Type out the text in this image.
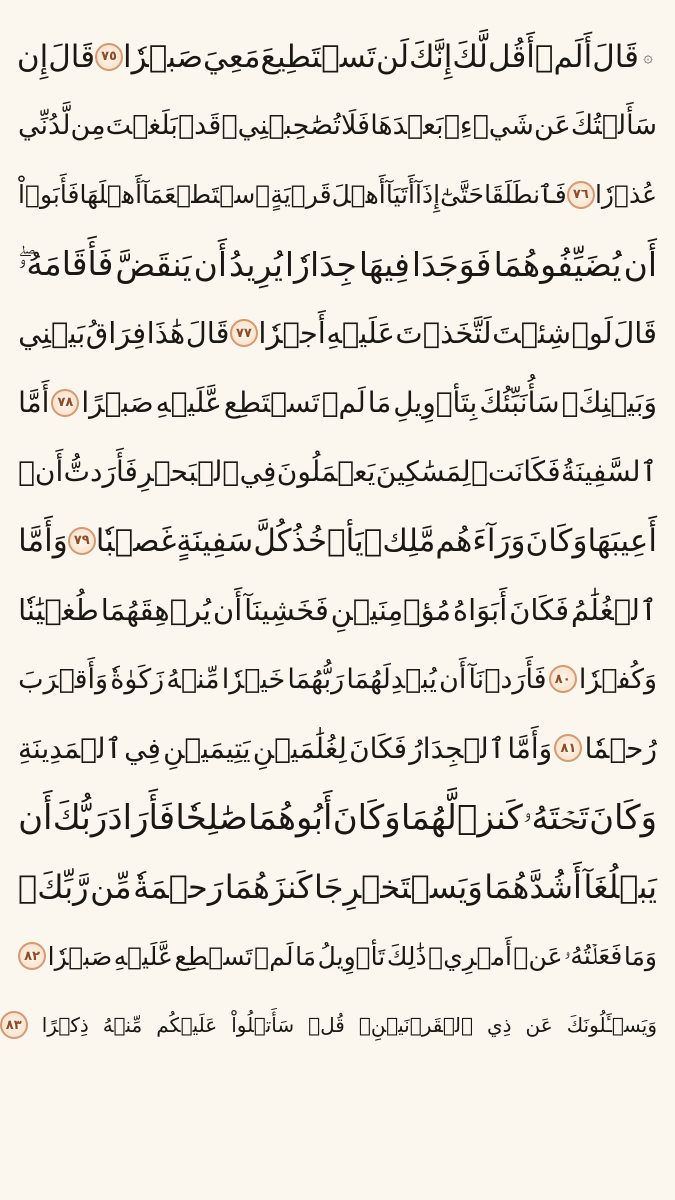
۞
قَالَ
أَلَمۡ
أَقُل
لَّكَ
إِنَّكَ
لَن
تَسۡتَطِيعَ
مَعِيَ
صَبۡرٗا
٧٥
قَالَ
إِن
سَأَلۡتُكَ
عَن
شَيۡءِۭ
بَعۡدَهَا
فَلَا
تُصَٰحِبۡنِيۖ
قَدۡ
بَلَغۡتَ
مِن
لَّدُنِّي
عُذۡرٗا
٧٦
فَٱنطَلَقَا
حَتَّىٰٓ
إِذَآ
أَتَيَآ
أَهۡلَ
قَرۡيَةٍ
ٱسۡتَطۡعَمَآ
أَهۡلَهَا
فَأَبَوۡاْ
أَن
يُضَيِّفُوهُمَا
فَوَجَدَا
فِيهَا
جِدَارٗا
يُرِيدُ
أَن
يَنقَضَّ
فَأَقَامَهُۥۖ
قَالَ
لَوۡ
شِئۡتَ
لَتَّخَذۡتَ
عَلَيۡهِ
أَجۡرٗا
٧٧
قَالَ
هَٰذَا
فِرَاقُ
بَيۡنِي
وَبَيۡنِكَۚ
سَأُنَبِّئُكَ
بِتَأۡوِيلِ
مَا
لَمۡ
تَسۡتَطِع
عَّلَيۡهِ
صَبۡرًا
٧٨
أَمَّا
ٱلسَّفِينَةُ
فَكَانَتۡ
لِمَسَٰكِينَ
يَعۡمَلُونَ
فِي
ٱلۡبَحۡرِ
فَأَرَدتُّ
أَنۡ
أَعِيبَهَا
وَكَانَ
وَرَآءَهُم
مَّلِكٞ
يَأۡخُذُ
كُلَّ
سَفِينَةٍ
غَصۡبٗا
٧٩
وَأَمَّا
ٱلۡغُلَٰمُ
فَكَانَ
أَبَوَاهُ
مُؤۡمِنَيۡنِ
فَخَشِينَآ
أَن
يُرۡهِقَهُمَا
طُغۡيَٰنٗا
وَكُفۡرٗا
٨٠
فَأَرَدۡنَآ
أَن
يُبۡدِلَهُمَا
رَبُّهُمَا
خَيۡرٗا
مِّنۡهُ
زَكَوٰةٗ
وَأَقۡرَبَ
رُحۡمٗا
٨١
وَأَمَّا
ٱلۡجِدَارُ
فَكَانَ
لِغُلَٰمَيۡنِ
يَتِيمَيۡنِ
فِي
ٱلۡمَدِينَةِ
وَكَانَ
تَحۡتَهُۥ
كَنزٞ
لَّهُمَا
وَكَانَ
أَبُوهُمَا
صَٰلِحٗا
فَأَرَادَ
رَبُّكَ
أَن
يَبۡلُغَآ
أَشُدَّهُمَا
وَيَسۡتَخۡرِجَا
كَنزَهُمَا
رَحۡمَةٗ
مِّن
رَّبِّكَۚ
وَمَا
فَعَلۡتُهُۥ
عَنۡ
أَمۡرِيۚ
ذَٰلِكَ
تَأۡوِيلُ
مَا
لَمۡ
تَسۡطِع
عَّلَيۡهِ
صَبۡرٗا
٨٢
وَيَسۡـَٔلُونَكَ
عَن
ذِي
ٱلۡقَرۡنَيۡنِۖ
قُلۡ
سَأَتۡلُواْ
عَلَيۡكُم
مِّنۡهُ
ذِكۡرًا
٨٣
